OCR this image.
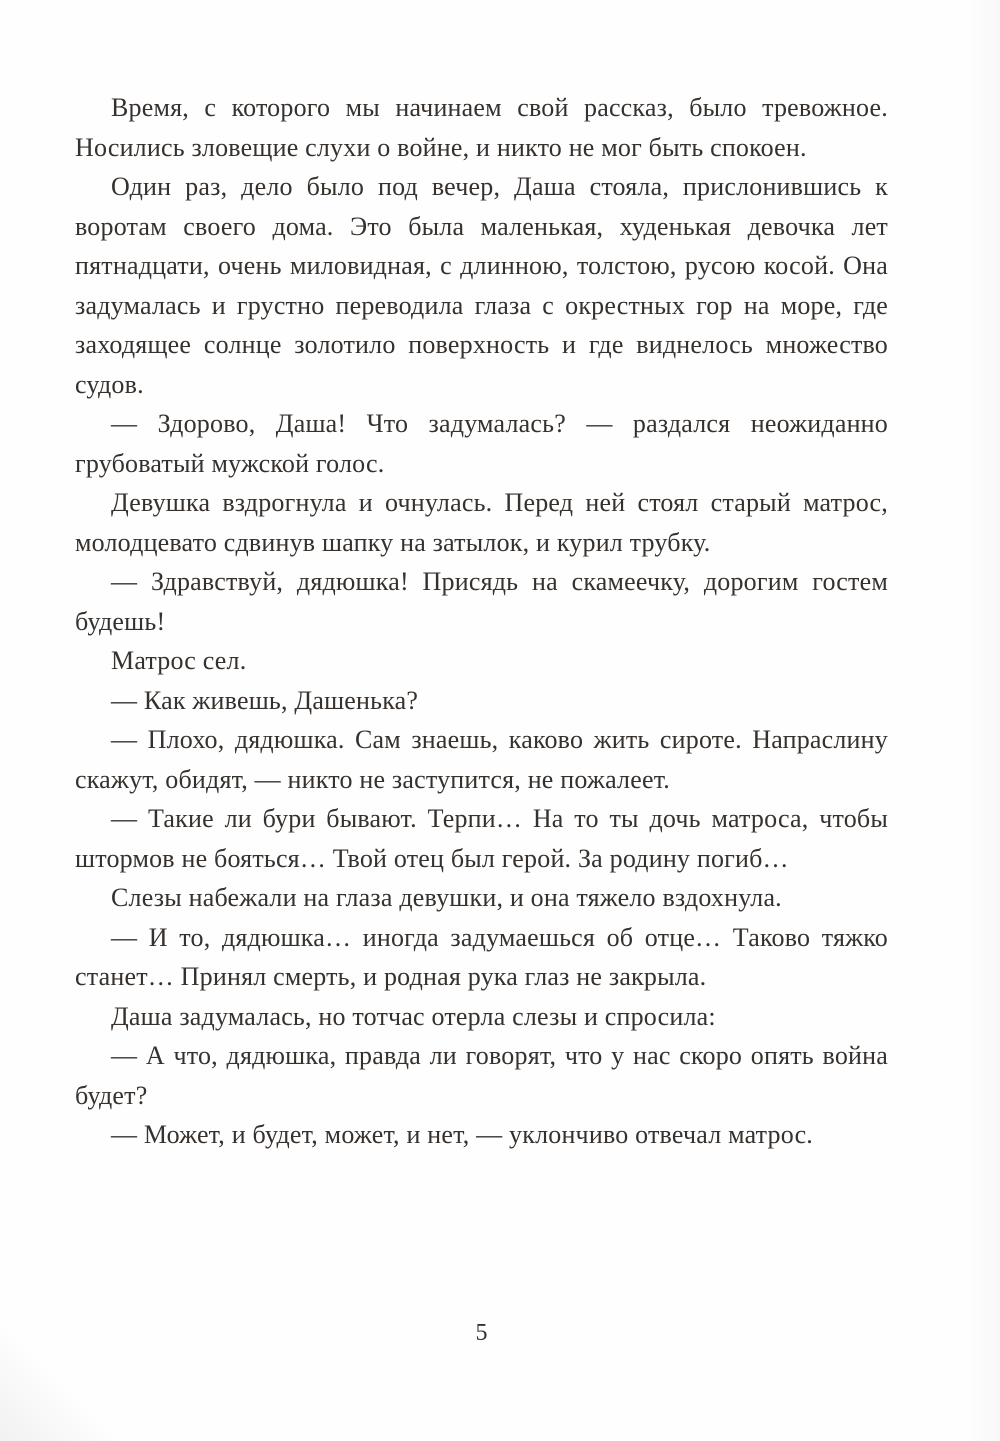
Время, с которого мы начинаем свой рассказ, было тревожное. Носились зловещие слухи о войне, и никто не мог быть спокоен.

Один раз, дело было под вечер, Даша стояла, прислонившись к воротам своего дома. Это была маленькая, худенькая девочка лет пятнадцати, очень миловидная, с длинною, толстою, русою косой. Она задумалась и грустно переводила глаза с окрестных гор на море, где заходящее солнце золотило поверхность и где виднелось множество судов.

— Здорово, Даша! Что задумалась? — раздался неожиданно грубоватый мужской голос.

Девушка вздрогнула и очнулась. Перед ней стоял старый матрос, молодцевато сдвинув шапку на затылок, и курил трубку.

— Здравствуй, дядюшка! Присядь на скамеечку, дорогим гостем будешь!

Матрос сел.

— Как живешь, Дашенька?

— Плохо, дядюшка. Сам знаешь, каково жить сироте. Напраслину скажут, обидят, — никто не заступится, не пожалеет.

— Такие ли бури бывают. Терпи… На то ты дочь матроса, чтобы штормов не бояться… Твой отец был герой. За родину погиб…

Слезы набежали на глаза девушки, и она тяжело вздохнула.

— И то, дядюшка… иногда задумаешься об отце… Таково тяжко станет… Принял смерть, и родная рука глаз не закрыла.

Даша задумалась, но тотчас отерла слезы и спросила:

— А что, дядюшка, правда ли говорят, что у нас скоро опять война будет?

— Может, и будет, может, и нет, — уклончиво отвечал матрос.

5
